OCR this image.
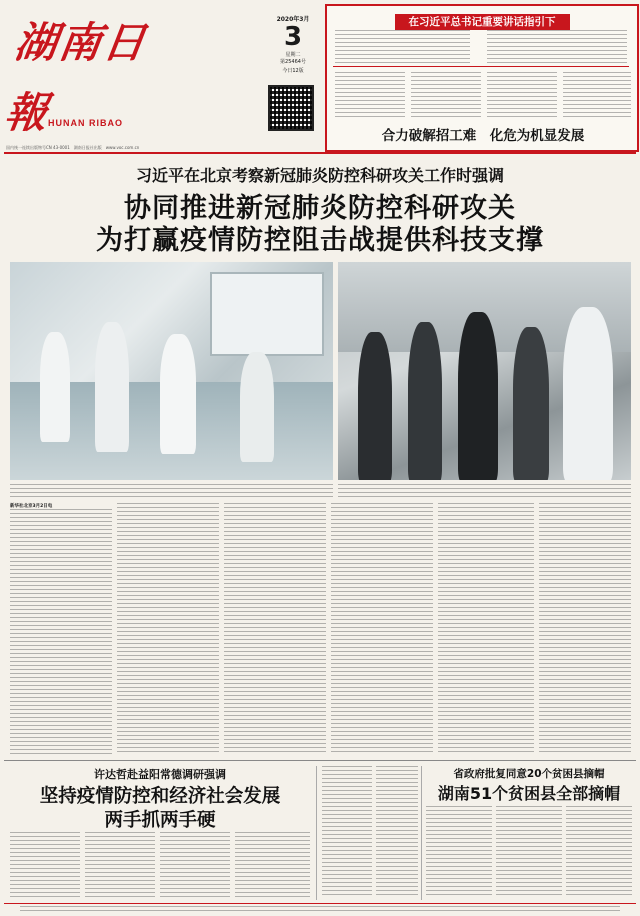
湖南日報
HUNAN RIBAO
2020年3月
3
星期二
第25464号
今日12版
国内统一连续出版物号CN 43-0001　湖南日报社出版　www.voc.com.cn
在习近平总书记重要讲话指引下
合力破解招工难　化危为机显发展
习近平在北京考察新冠肺炎防控科研攻关工作时强调
协同推进新冠肺炎防控科研攻关
为打赢疫情防控阻击战提供科技支撑
新华社北京3月2日电
许达哲赴益阳常德调研强调
坚持疫情防控和经济社会发展
两手抓两手硬
省政府批复同意20个贫困县摘帽
湖南51个贫困县全部摘帽
